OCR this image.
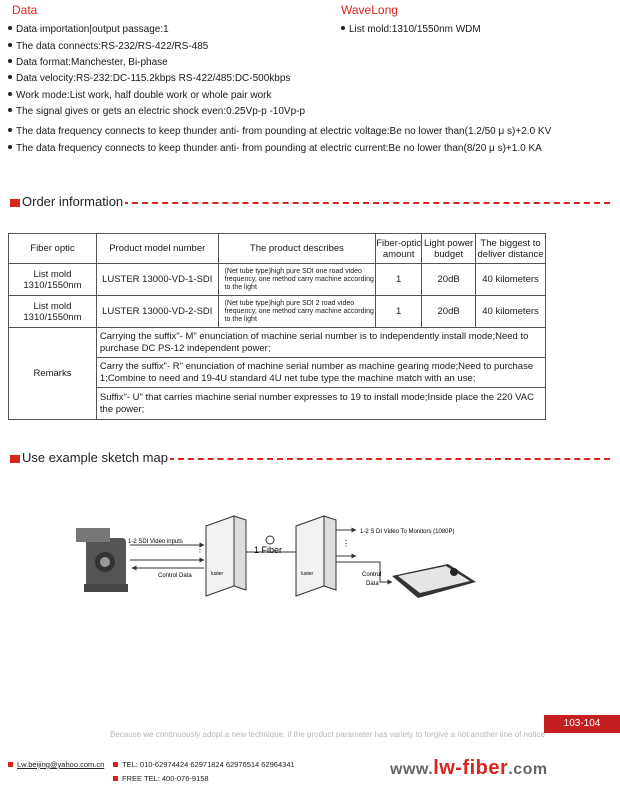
Data
Data importation|output passage:1
The data connects:RS-232/RS-422/RS-485
Data format:Manchester, Bi-phase
Data velocity:RS-232:DC-115.2kbps RS-422/485:DC-500kbps
Work mode:List work, half double work or whole pair work
The signal gives or gets an electric shock even:0.25Vp-p -10Vp-p
The data frequency connects to keep thunder anti- from pounding at electric voltage:Be no lower than(1.2/50 μ s)+2.0 KV
The data frequency connects to keep thunder anti- from pounding at electric current:Be no lower than(8/20 μ s)+1.0 KA
WaveLong
List mold:1310/1550nm WDM
Order information
Fiber optic	Product model number	The product describes	Fiber-optic amount	Light power budget	The biggest to deliver distance
List mold 1310/1550nm	LUSTER 13000-VD-1-SDI	(Net tube type)high pure SDI one road video frequency, one method carry machine according to the light	1	20dB	40 kilometers
List mold 1310/1550nm	LUSTER 13000-VD-2-SDI	(Net tube type)high pure SDI 2 road video frequency, one method carry machine according to the light	1	20dB	40 kilometers
Remarks	Carrying the suffix"- M" enunciation of machine serial number is to independently install mode;Need to purchase DC PS-12 independent power;				
	Carry the suffix"- R" enunciation of machine serial number as machine gearing mode;Need to purchase 1;Combine to need and 19-4U standard 4U net tube type the machine match with an use;				
	Suffix"- U" that carries machine serial number expresses to 19 to install mode;Inside place the 220 VAC the power;				
Use example sketch map
luster	luster
⋮
⋮
1-2 SDI Video inputs
Control Data
1 Fiber
1-2 S DI Video To Monitors (1080P)
Control
Data
103-104
Because we continuously adopt a new technique, if the product parameter has variety to forgive a not another line of notice
Lw.beijing@yahoo.com.cn	TEL: 010-62974424 62971824 62976514 62964341
FREE TEL: 400-076-9158
www.lw-fiber.com
